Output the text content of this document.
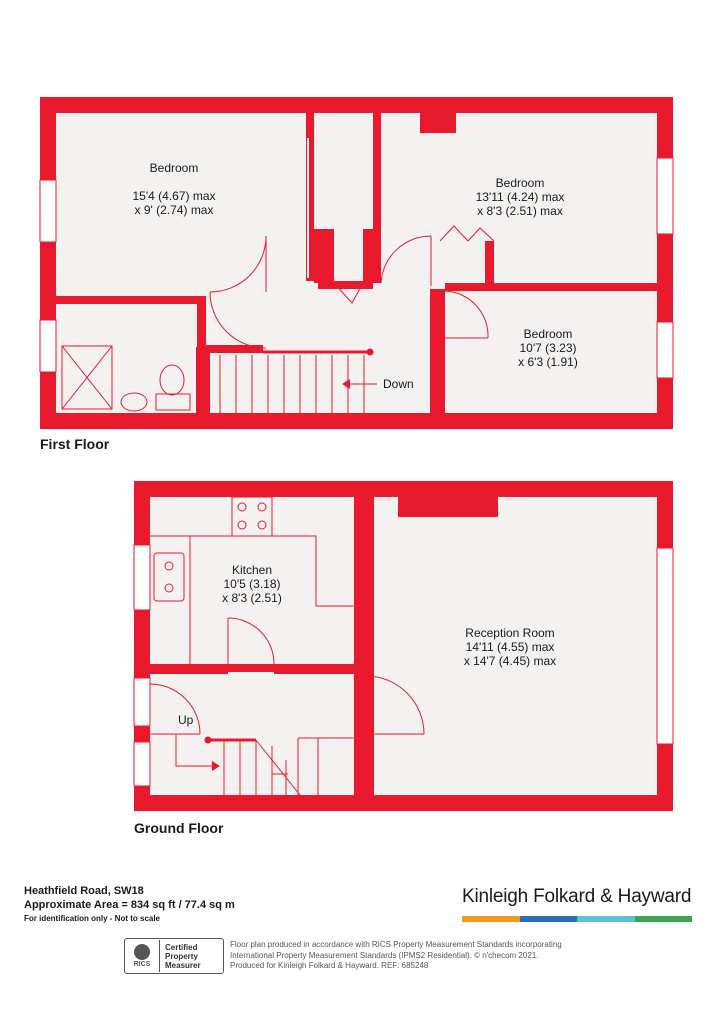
Bedroom
15'4 (4.67) max
x 9' (2.74) max
Bedroom
13'11 (4.24) max
x 8'3 (2.51) max
Bedroom
10'7 (3.23)
x 6'3 (1.91)
Down
Kitchen
10'5 (3.18)
x 8'3 (2.51)
Reception Room
14'11 (4.55) max
x 14'7 (4.45) max
Up
First Floor
Ground Floor
Heathfield Road, SW18
Approximate Area = 834 sq ft / 77.4 sq m
For identification only - Not to scale
Kinleigh Folkard & Hayward
RICS
Certified
Property
Measurer
Floor plan produced in accordance with RICS Property Measurement Standards incorporating
International Property Measurement Standards (IPMS2 Residential). © n′checom 2021.
Produced for Kinleigh Folkard & Hayward. REF: 685248
